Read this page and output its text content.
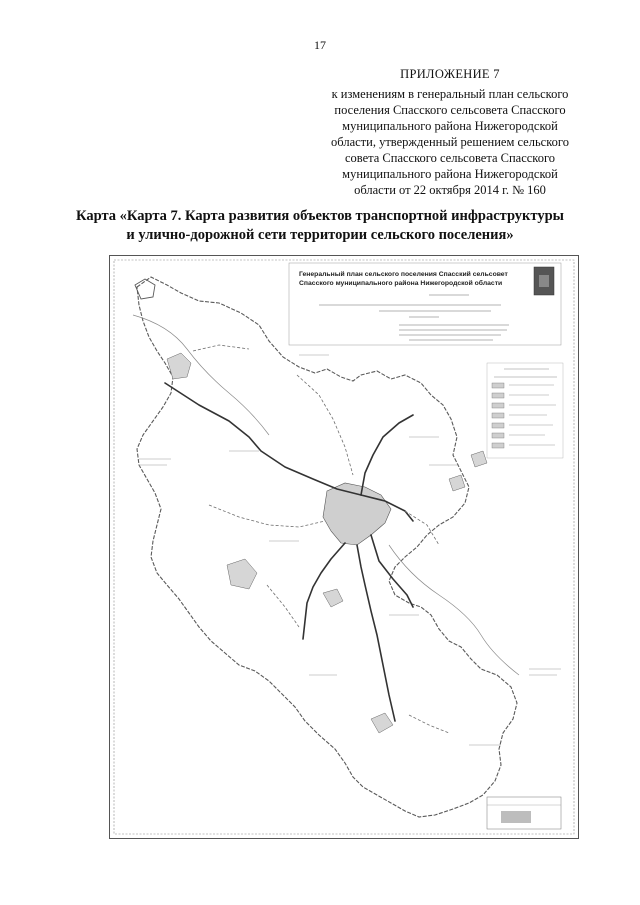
17
ПРИЛОЖЕНИЕ 7
к изменениям в генеральный план сельского
поселения Спасского сельсовета Спасского
муниципального района Нижегородской
области, утвержденный решением сельского
совета Спасского сельсовета Спасского
муниципального района Нижегородской
области от 22 октября 2014 г. № 160
Карта «Карта 7. Карта развития объектов транспортной инфраструктуры
и улично-дорожной сети территории сельского поселения»
Генеральный план сельского поселения Спасский сельсовет
Спасского муниципального района Нижегородской области
